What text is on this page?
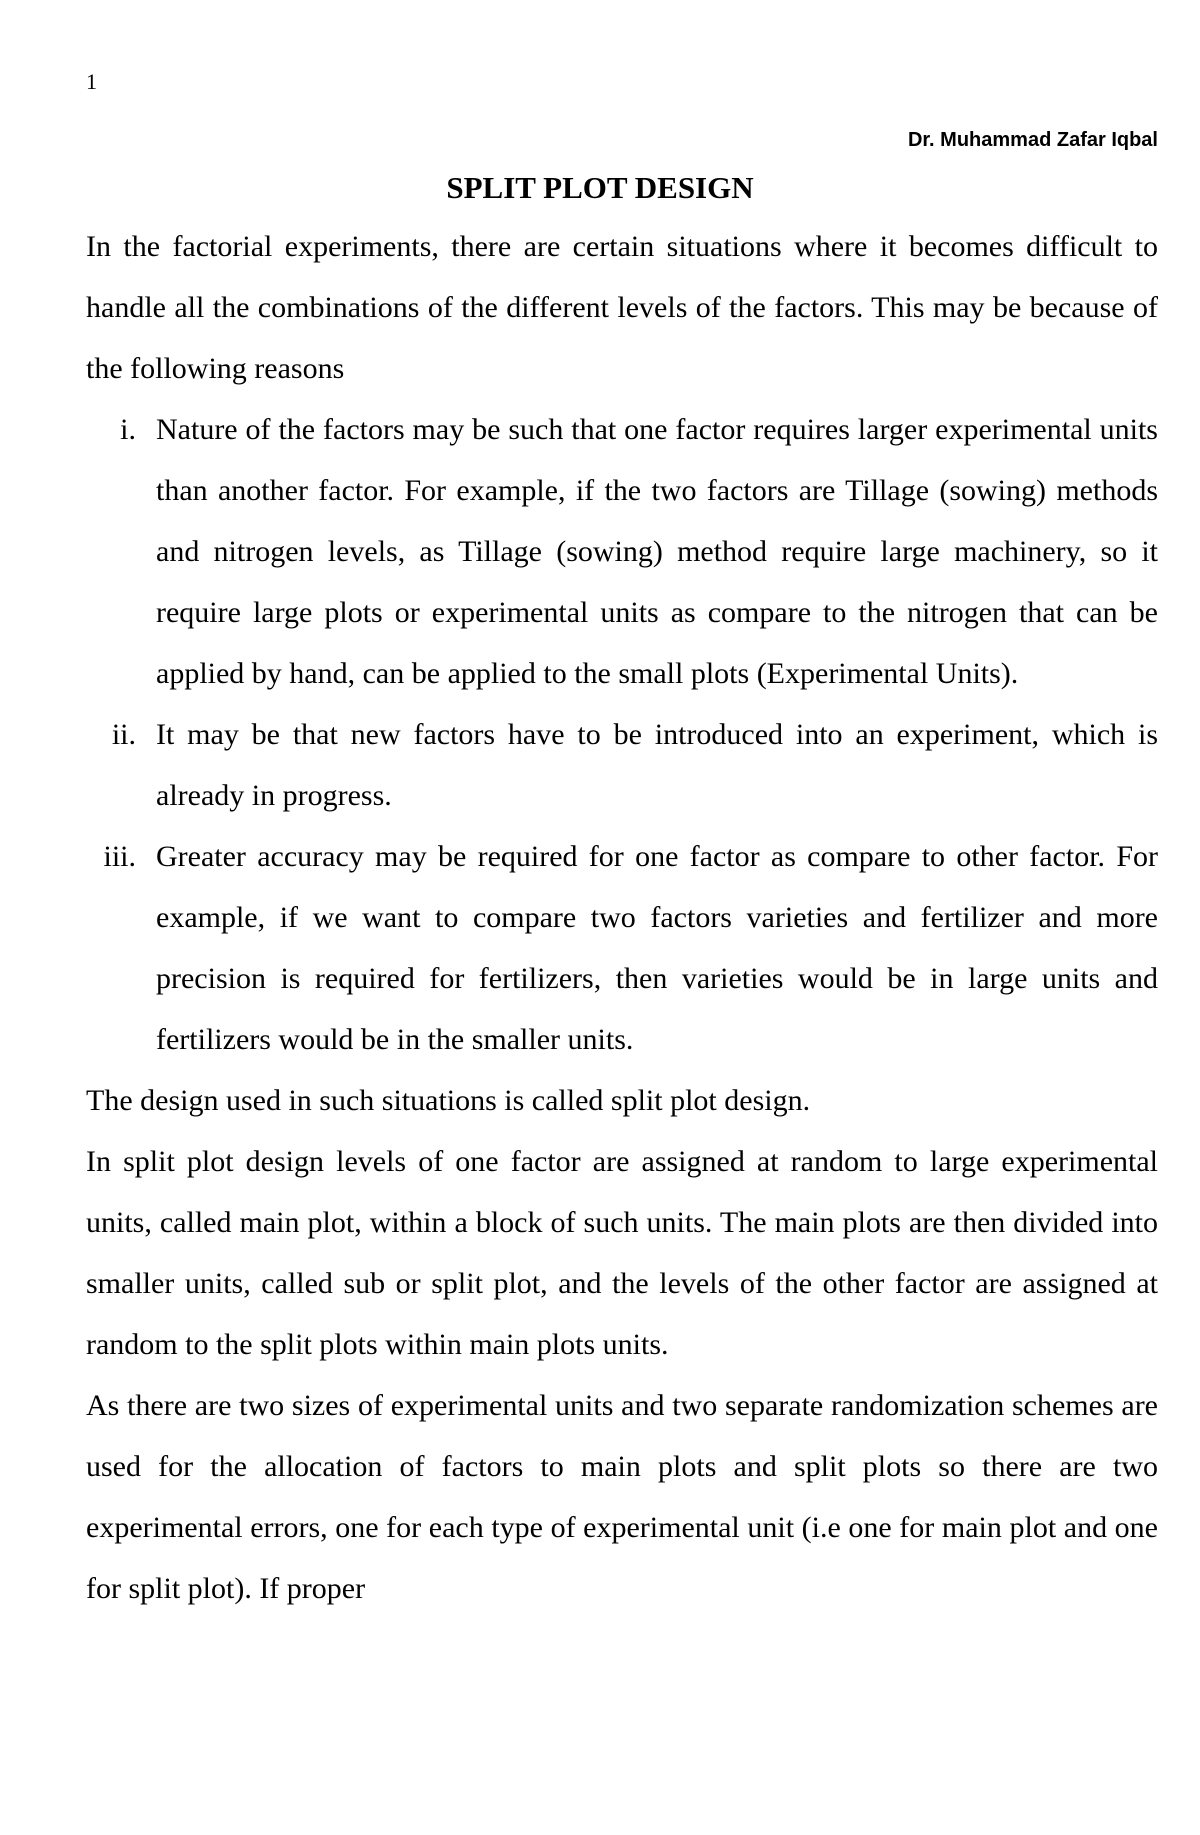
1
Dr. Muhammad Zafar Iqbal
SPLIT PLOT DESIGN

In the factorial experiments, there are certain situations where it becomes difficult to handle all the combinations of the different levels of the factors. This may be because of the following reasons

i. Nature of the factors may be such that one factor requires larger experimental units than another factor. For example, if the two factors are Tillage (sowing) methods and nitrogen levels, as Tillage (sowing) method require large machinery, so it require large plots or experimental units as compare to the nitrogen that can be applied by hand, can be applied to the small plots (Experimental Units).
ii. It may be that new factors have to be introduced into an experiment, which is already in progress.
iii. Greater accuracy may be required for one factor as compare to other factor. For example, if we want to compare two factors varieties and fertilizer and more precision is required for fertilizers, then varieties would be in large units and fertilizers would be in the smaller units.

The design used in such situations is called split plot design.

In split plot design levels of one factor are assigned at random to large experimental units, called main plot, within a block of such units. The main plots are then divided into smaller units, called sub or split plot, and the levels of the other factor are assigned at random to the split plots within main plots units.

As there are two sizes of experimental units and two separate randomization schemes are used for the allocation of factors to main plots and split plots so there are two experimental errors, one for each type of experimental unit (i.e one for main plot and one for split plot). If proper
